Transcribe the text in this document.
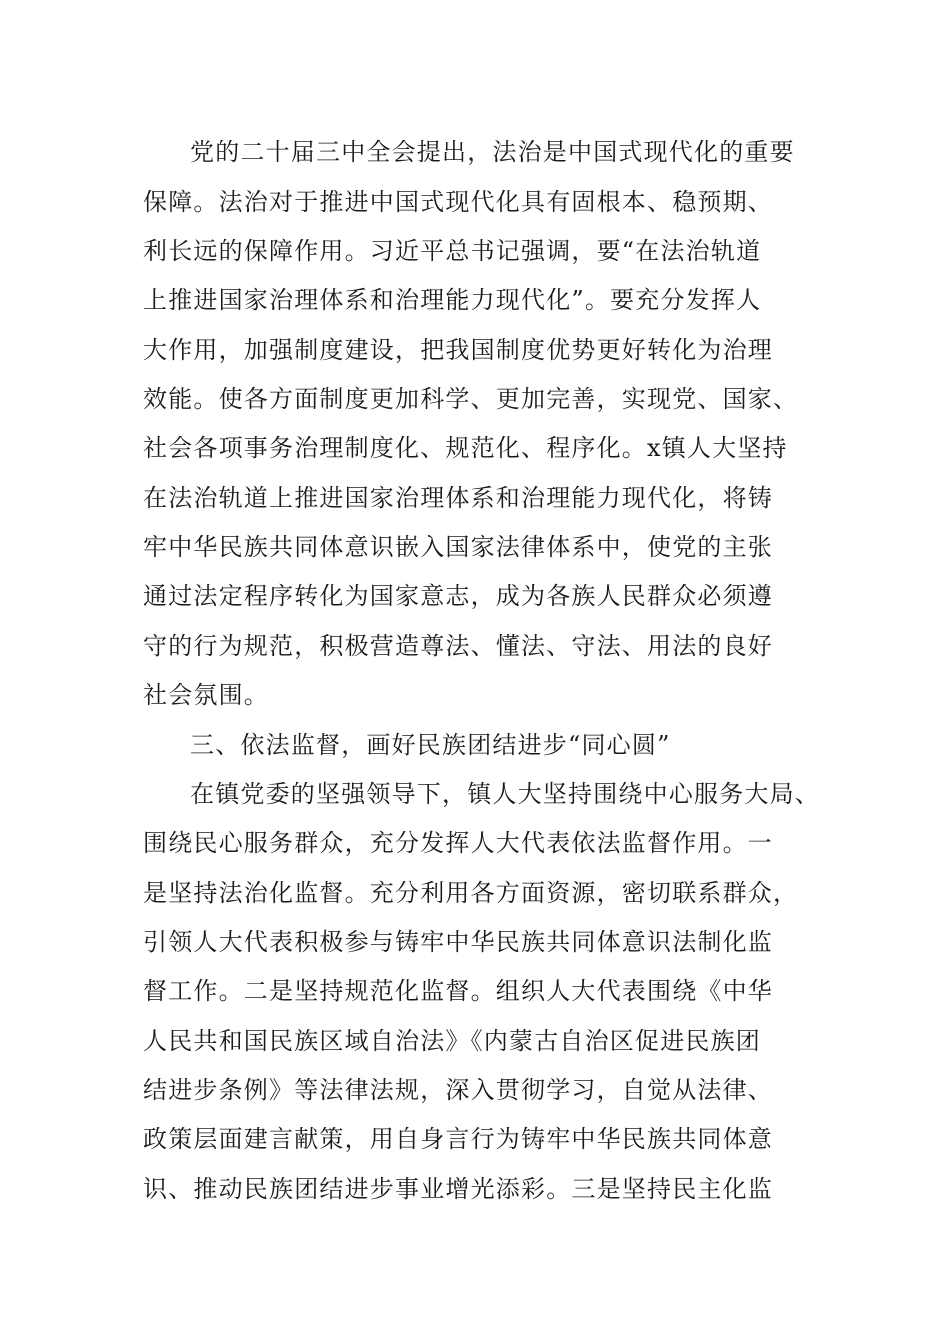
党的二十届三中全会提出，法治是中国式现代化的重要
保障。法治对于推进中国式现代化具有固根本、稳预期、
利长远的保障作用。习近平总书记强调，要“在法治轨道
上推进国家治理体系和治理能力现代化”。要充分发挥人
大作用，加强制度建设，把我国制度优势更好转化为治理
效能。使各方面制度更加科学、更加完善，实现党、国家、
社会各项事务治理制度化、规范化、程序化。x镇人大坚持
在法治轨道上推进国家治理体系和治理能力现代化，将铸
牢中华民族共同体意识嵌入国家法律体系中，使党的主张
通过法定程序转化为国家意志，成为各族人民群众必须遵
守的行为规范，积极营造尊法、懂法、守法、用法的良好
社会氛围。
三、依法监督，画好民族团结进步“同心圆”
在镇党委的坚强领导下，镇人大坚持围绕中心服务大局、
围绕民心服务群众，充分发挥人大代表依法监督作用。一
是坚持法治化监督。充分利用各方面资源，密切联系群众，
引领人大代表积极参与铸牢中华民族共同体意识法制化监
督工作。二是坚持规范化监督。组织人大代表围绕《中华
人民共和国民族区域自治法》《内蒙古自治区促进民族团
结进步条例》等法律法规，深入贯彻学习，自觉从法律、
政策层面建言献策，用自身言行为铸牢中华民族共同体意
识、推动民族团结进步事业增光添彩。三是坚持民主化监
